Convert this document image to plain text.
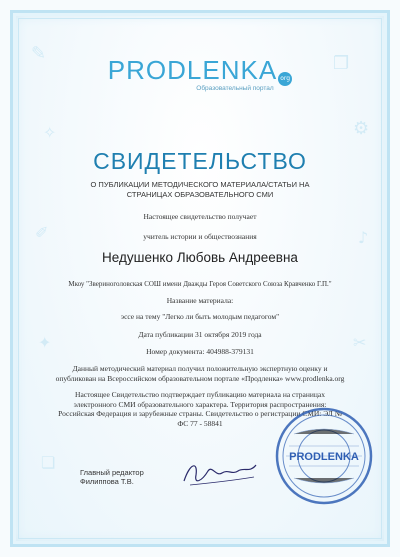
✎	❐
✧	⚙
✐	♪
✦	✂
❏
PRODLENKA org
Образовательный портал
СВИДЕТЕЛЬСТВО
О ПУБЛИКАЦИИ МЕТОДИЧЕСКОГО МАТЕРИАЛА/СТАТЬИ НА СТРАНИЦАХ ОБРАЗОВАТЕЛЬНОГО СМИ
Настоящее свидетельство получает
учитель истории и обществознания
Недушенко Любовь Андреевна
Мкоу "Звериноголовская СОШ имени Дважды Героя Советского Союза Кравченко Г.П."
Название материала:
эссе на тему "Легко ли быть молодым педагогом"
Дата публикации 31 октября 2019 года
Номер документа: 404988-379131
Данный методический материал получил положительную экспертную оценку и опубликован на Всероссийском образовательном портале «Продленка» www.prodlenka.org
Настоящее Свидетельство подтверждает публикацию материала на страницах электронного СМИ образовательного характера. Территория распространения: Российская Федерация и зарубежные страны. Свидетельство о регистрации СМИ: ЭЛ № ФС 77 - 58841
Главный редактор
Филиппова Т.В.
PRODLENKA
